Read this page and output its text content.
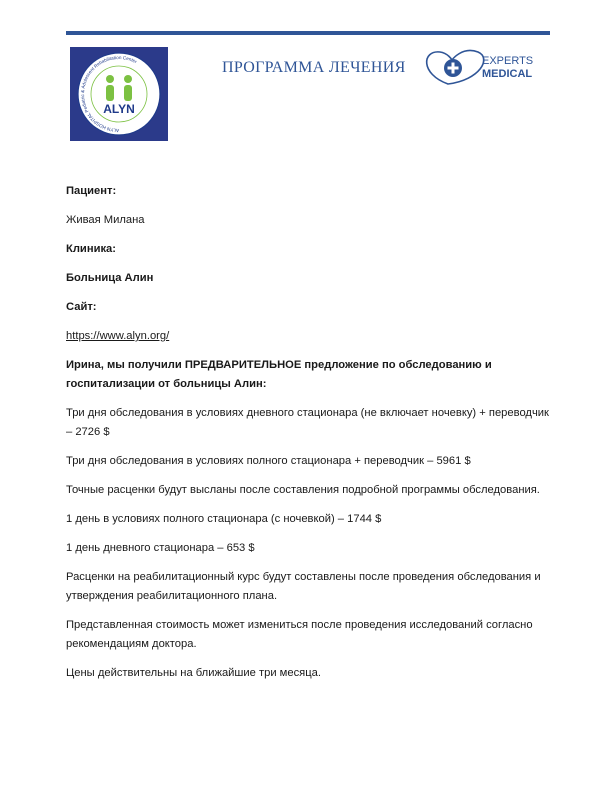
ALYN HOSPITAL Pediatric & Adolescent Rehabilitation Center
ALYN
ПРОГРАММА ЛЕЧЕНИЯ	EXPERTS
MEDICAL

Пациент:

Живая Милана

Клиника:

Больница Алин

Сайт:

https://www.alyn.org/

Ирина, мы получили ПРЕДВАРИТЕЛЬНОЕ предложение по обследованию и госпитализации от больницы Алин:

Три дня обследования в условиях дневного стационара (не включает ночевку) + переводчик – 2726 $

Три дня обследования в условиях полного стационара + переводчик – 5961 $

Точные расценки будут высланы после составления подробной программы обследования.

1 день в условиях полного стационара (с ночевкой) – 1744 $

1 день дневного стационара – 653 $

Расценки на реабилитационный курс будут составлены после проведения обследования и утверждения реабилитационного плана.

Представленная стоимость может измениться после проведения исследований согласно рекомендациям доктора.

Цены действительны на ближайшие три месяца.
